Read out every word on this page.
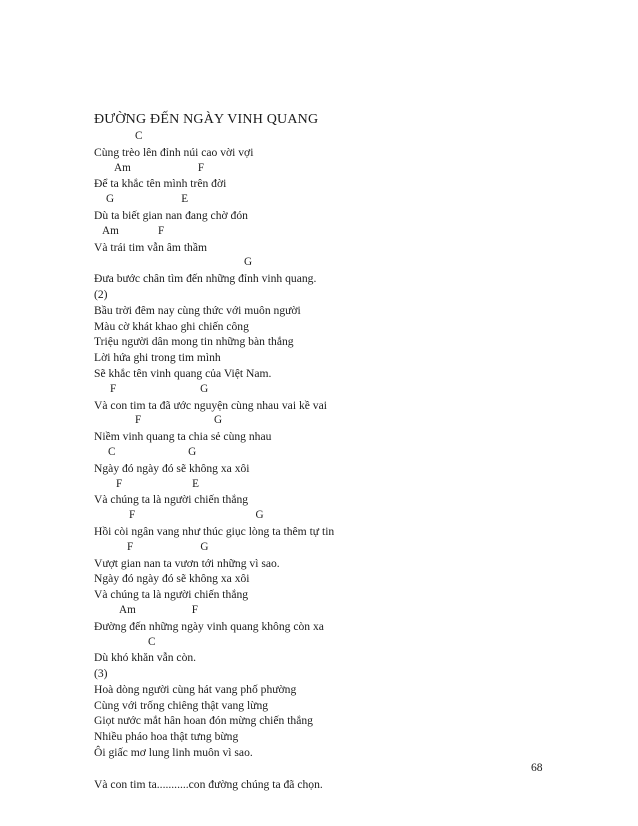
ĐƯỜNG ĐẾN NGÀY VINH QUANG
C
Cùng trèo lên đỉnh núi cao vời vợi
Am                        F
Để ta khắc tên mình trên đời
G                        E
Dù ta biết gian nan đang chờ đón
Am              F
Và trái tim vẫn âm thầm
G
Đưa bước chân tìm đến những đỉnh vinh quang.
(2)
Bầu trời đêm nay cùng thức với muôn người
Màu cờ khát khao ghi chiến công
Triệu người dân mong tin những bàn thắng
Lời hứa ghi trong tim mình
Sẽ khắc tên vinh quang của Việt Nam.
F                              G
Và con tim ta đã ước nguyện cùng nhau vai kề vai
F                          G
Niềm vinh quang ta chia sẻ cùng nhau
C                          G
Ngày đó ngày đó sẽ không xa xôi
F                         E
Và chúng ta là người chiến thắng
F                                           G
Hồi còi ngân vang như thúc giục lòng ta thêm tự tin
F                        G
Vượt gian nan ta vươn tới những vì sao.
Ngày đó ngày đó sẽ không xa xôi
Và chúng ta là người chiến thắng
Am                    F
Đường đến những ngày vinh quang không còn xa
C
Dù khó khăn vẫn còn.
(3)
Hoà dòng người cùng hát vang phố phường
Cùng với trống chiêng thật vang lừng
Giọt nước mắt hân hoan đón mừng chiến thắng
Nhiều pháo hoa thật tưng bừng
Ôi giấc mơ lung linh muôn vì sao.
Và con tim ta...........con đường chúng ta đã chọn.
68
